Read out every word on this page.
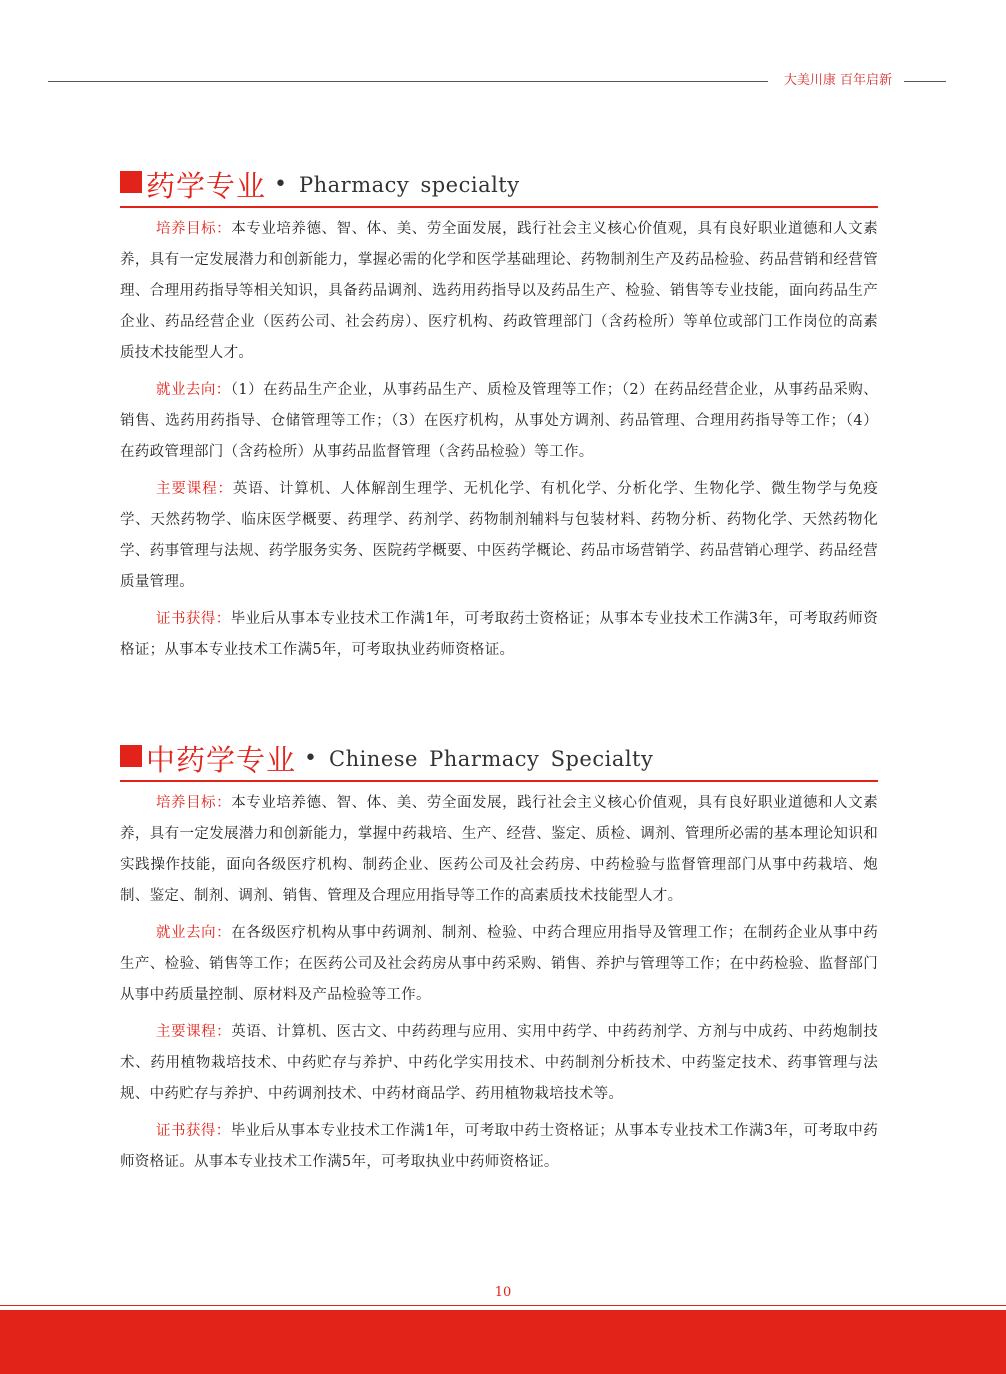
大美川康 百年启新
药学专业 • Pharmacy specialty

培养目标：本专业培养德、智、体、美、劳全面发展，践行社会主义核心价值观，具有良好职业道德和人文素养，具有一定发展潜力和创新能力，掌握必需的化学和医学基础理论、药物制剂生产及药品检验、药品营销和经营管理、合理用药指导等相关知识，具备药品调剂、选药用药指导以及药品生产、检验、销售等专业技能，面向药品生产企业、药品经营企业（医药公司、社会药房）、医疗机构、药政管理部门（含药检所）等单位或部门工作岗位的高素质技术技能型人才。

就业去向：（1）在药品生产企业，从事药品生产、质检及管理等工作；（2）在药品经营企业，从事药品采购、销售、选药用药指导、仓储管理等工作；（3）在医疗机构，从事处方调剂、药品管理、合理用药指导等工作；（4）在药政管理部门（含药检所）从事药品监督管理（含药品检验）等工作。

主要课程：英语、计算机、人体解剖生理学、无机化学、有机化学、分析化学、生物化学、微生物学与免疫学、天然药物学、临床医学概要、药理学、药剂学、药物制剂辅料与包装材料、药物分析、药物化学、天然药物化学、药事管理与法规、药学服务实务、医院药学概要、中医药学概论、药品市场营销学、药品营销心理学、药品经营质量管理。

证书获得：毕业后从事本专业技术工作满1年，可考取药士资格证；从事本专业技术工作满3年，可考取药师资格证；从事本专业技术工作满5年，可考取执业药师资格证。

中药学专业 • Chinese Pharmacy Specialty

培养目标：本专业培养德、智、体、美、劳全面发展，践行社会主义核心价值观，具有良好职业道德和人文素养，具有一定发展潜力和创新能力，掌握中药栽培、生产、经营、鉴定、质检、调剂、管理所必需的基本理论知识和实践操作技能，面向各级医疗机构、制药企业、医药公司及社会药房、中药检验与监督管理部门从事中药栽培、炮制、鉴定、制剂、调剂、销售、管理及合理应用指导等工作的高素质技术技能型人才。

就业去向：在各级医疗机构从事中药调剂、制剂、检验、中药合理应用指导及管理工作；在制药企业从事中药生产、检验、销售等工作；在医药公司及社会药房从事中药采购、销售、养护与管理等工作；在中药检验、监督部门从事中药质量控制、原材料及产品检验等工作。

主要课程：英语、计算机、医古文、中药药理与应用、实用中药学、中药药剂学、方剂与中成药、中药炮制技术、药用植物栽培技术、中药贮存与养护、中药化学实用技术、中药制剂分析技术、中药鉴定技术、药事管理与法规、中药贮存与养护、中药调剂技术、中药材商品学、药用植物栽培技术等。

证书获得：毕业后从事本专业技术工作满1年，可考取中药士资格证；从事本专业技术工作满3年，可考取中药师资格证。从事本专业技术工作满5年，可考取执业中药师资格证。

10
